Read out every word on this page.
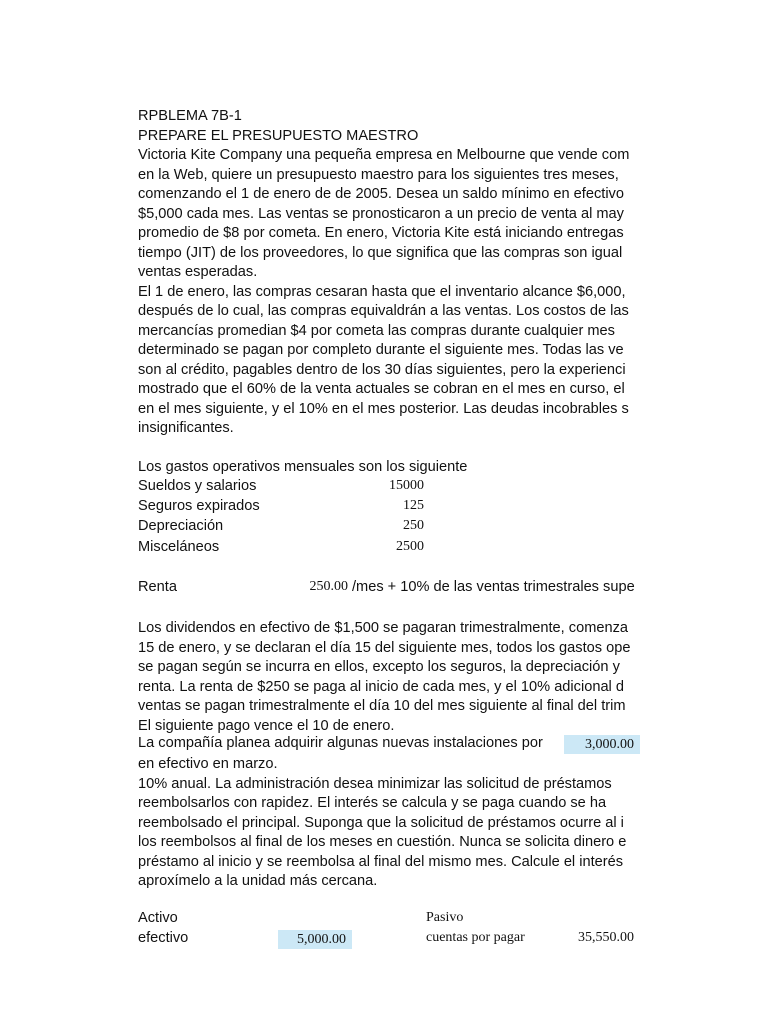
RPBLEMA 7B-1
PREPARE EL PRESUPUESTO MAESTRO
Victoria Kite Company una pequeña empresa en Melbourne que vende com
en la Web, quiere un presupuesto maestro para los siguientes tres meses,
comenzando el 1 de enero de de 2005. Desea un saldo mínimo en efectivo
$5,000 cada mes. Las ventas se pronosticaron a un precio de venta al may
promedio de $8 por cometa. En enero, Victoria Kite está iniciando entregas
tiempo (JIT) de los proveedores, lo que significa que las compras son igual
ventas esperadas.
El 1 de enero, las compras cesaran hasta que el inventario alcance $6,000,
después de lo cual, las compras equivaldrán a las ventas. Los costos de las
mercancías promedian $4 por cometa las compras durante cualquier mes
determinado se pagan por completo durante el siguiente mes. Todas las ve
son al crédito, pagables dentro de los 30 días siguientes, pero la experienci
mostrado que el 60% de la venta actuales se cobran en el mes en curso, el
en el mes siguiente, y el 10% en el mes posterior. Las deudas incobrables s
insignificantes.
Los gastos operativos mensuales son los siguiente
Sueldos y salarios	15000
Seguros expirados	125
Depreciación	250
Misceláneos	2500
Renta	250.00 /mes + 10% de las ventas trimestrales supe
Los dividendos en efectivo de $1,500 se pagaran trimestralmente, comenza
15 de enero, y se declaran el día 15 del siguiente mes, todos los gastos ope
se pagan según se incurra en ellos, excepto los seguros, la depreciación y
renta. La renta de $250 se paga al inicio de cada mes, y el 10% adicional d
ventas se pagan trimestralmente el día 10 del mes siguiente al final del trim
El siguiente pago vence el 10 de enero.
La compañía planea adquirir algunas nuevas instalaciones por	3,000.00
en efectivo en marzo.
10% anual. La administración desea minimizar las solicitud de préstamos
reembolsarlos con rapidez. El interés se calcula y se paga cuando se ha
reembolsado el principal. Suponga que la solicitud de préstamos ocurre al i
los reembolsos al final de los meses en cuestión. Nunca se solicita dinero e
préstamo al inicio y se reembolsa al final del mismo mes. Calcule el interés
aproxímelo a la unidad más cercana.
Activo	Pasivo
efectivo	5,000.00	cuentas por pagar	35,550.00
